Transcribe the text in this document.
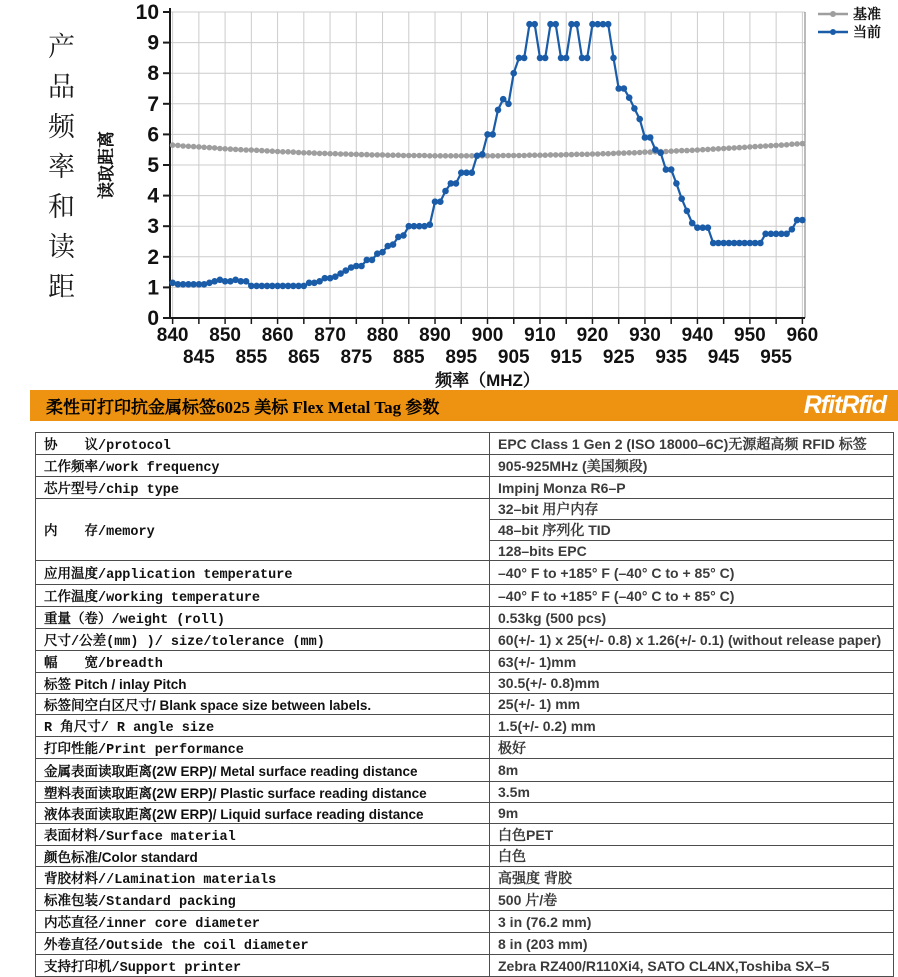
产品频率和读距
0
1
2
3
4
5
6
7
8
9
10
840 850 860 870 880 890 900 910 920 930 940 950 960
845 855 865 875 885 895 905 915 925 935 945 955
频率（MHZ）
读取距离
基准
当前
柔性可打印抗金属标签6025 美标 Flex Metal Tag 参数	RfitRfid
协　　议/protocol	EPC Class 1 Gen 2 (ISO 18000–6C)无源超高频 RFID 标签
工作频率/work frequency	905-925MHz (美国频段)
芯片型号/chip type	Impinj Monza R6–P
内　　存/memory	32–bit 用户内存
	48–bit 序列化 TID
	128–bits EPC
应用温度/application temperature	–40° F to +185° F (–40° C to + 85° C)
工作温度/working temperature	–40° F to +185° F (–40° C to + 85° C)
重量（卷）/weight (roll)	0.53kg (500 pcs)
尺寸/公差(mm) )/ size/tolerance (mm)	60(+/- 1) x 25(+/- 0.8) x 1.26(+/- 0.1) (without release paper)
幅　　宽/breadth	63(+/- 1)mm
标签 Pitch / inlay Pitch	30.5(+/- 0.8)mm
标签间空白区尺寸/ Blank space size between labels.	25(+/- 1) mm
R 角尺寸/ R angle size	1.5(+/- 0.2) mm
打印性能/Print performance	极好
金属表面读取距离(2W ERP)/ Metal surface reading distance	8m
塑料表面读取距离(2W ERP)/ Plastic surface reading distance	3.5m
液体表面读取距离(2W ERP)/ Liquid surface reading distance	9m
表面材料/Surface material	白色PET
颜色标准/Color standard	白色
背胶材料//Lamination materials	高强度 背胶
标准包装/Standard packing	500 片/卷
内芯直径/inner core diameter	3 in (76.2 mm)
外卷直径/Outside the coil diameter	8 in (203 mm)
支持打印机/Support printer	Zebra RZ400/R110Xi4, SATO CL4NX,Toshiba SX–5
